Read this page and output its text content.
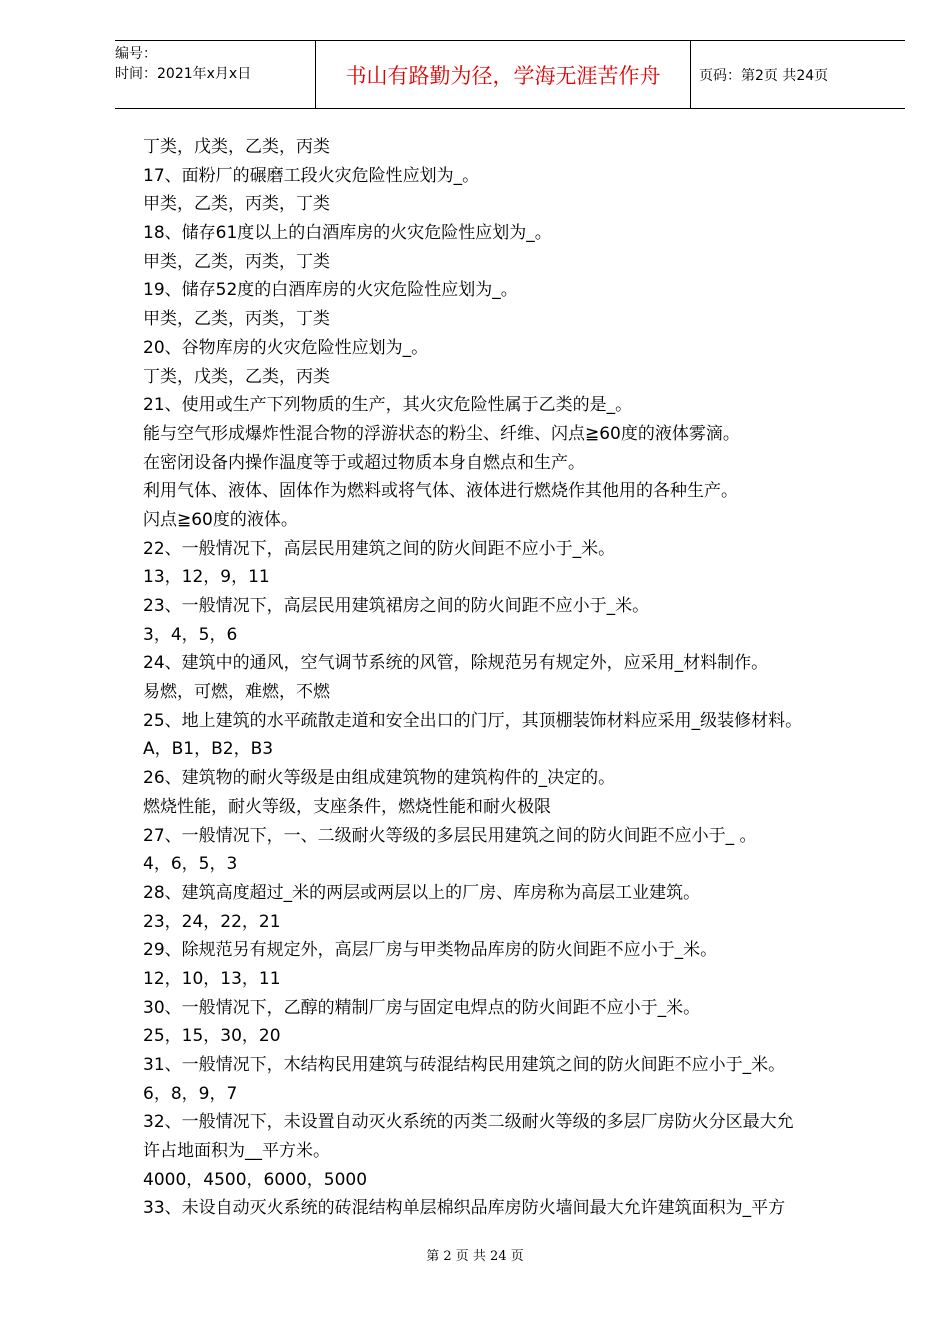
编号：
时间：2021年x月x日	书山有路勤为径，学海无涯苦作舟	页码：第2页 共24页
丁类，戊类，乙类，丙类
17、面粉厂的碾磨工段火灾危险性应划为_。
甲类，乙类，丙类，丁类
18、储存61度以上的白酒库房的火灾危险性应划为_。
甲类，乙类，丙类，丁类
19、储存52度的白酒库房的火灾危险性应划为_。
甲类，乙类，丙类，丁类
20、谷物库房的火灾危险性应划为_。
丁类，戊类，乙类，丙类
21、使用或生产下列物质的生产，其火灾危险性属于乙类的是_。
能与空气形成爆炸性混合物的浮游状态的粉尘、纤维、闪点≧60度的液体雾滴。
在密闭设备内操作温度等于或超过物质本身自燃点和生产。
利用气体、液体、固体作为燃料或将气体、液体进行燃烧作其他用的各种生产。
闪点≧60度的液体。
22、一般情况下，高层民用建筑之间的防火间距不应小于_米。
13，12，9，11
23、一般情况下，高层民用建筑裙房之间的防火间距不应小于_米。
3，4，5，6
24、建筑中的通风，空气调节系统的风管，除规范另有规定外，应采用_材料制作。
易燃，可燃，难燃，不燃
25、地上建筑的水平疏散走道和安全出口的门厅，其顶棚装饰材料应采用_级装修材料。
A，B1，B2，B3
26、建筑物的耐火等级是由组成建筑物的建筑构件的_决定的。
燃烧性能，耐火等级，支座条件，燃烧性能和耐火极限
27、一般情况下，一、二级耐火等级的多层民用建筑之间的防火间距不应小于_ 。
4，6，5，3
28、建筑高度超过_米的两层或两层以上的厂房、库房称为高层工业建筑。
23，24，22，21
29、除规范另有规定外，高层厂房与甲类物品库房的防火间距不应小于_米。
12，10，13，11
30、一般情况下，乙醇的精制厂房与固定电焊点的防火间距不应小于_米。
25，15，30，20
31、一般情况下，木结构民用建筑与砖混结构民用建筑之间的防火间距不应小于_米。
6，8，9，7
32、一般情况下，未设置自动灭火系统的丙类二级耐火等级的多层厂房防火分区最大允
许占地面积为__平方米。
4000，4500，6000，5000
33、未设自动灭火系统的砖混结构单层棉织品库房防火墙间最大允许建筑面积为_平方
第 2 页 共 24 页
